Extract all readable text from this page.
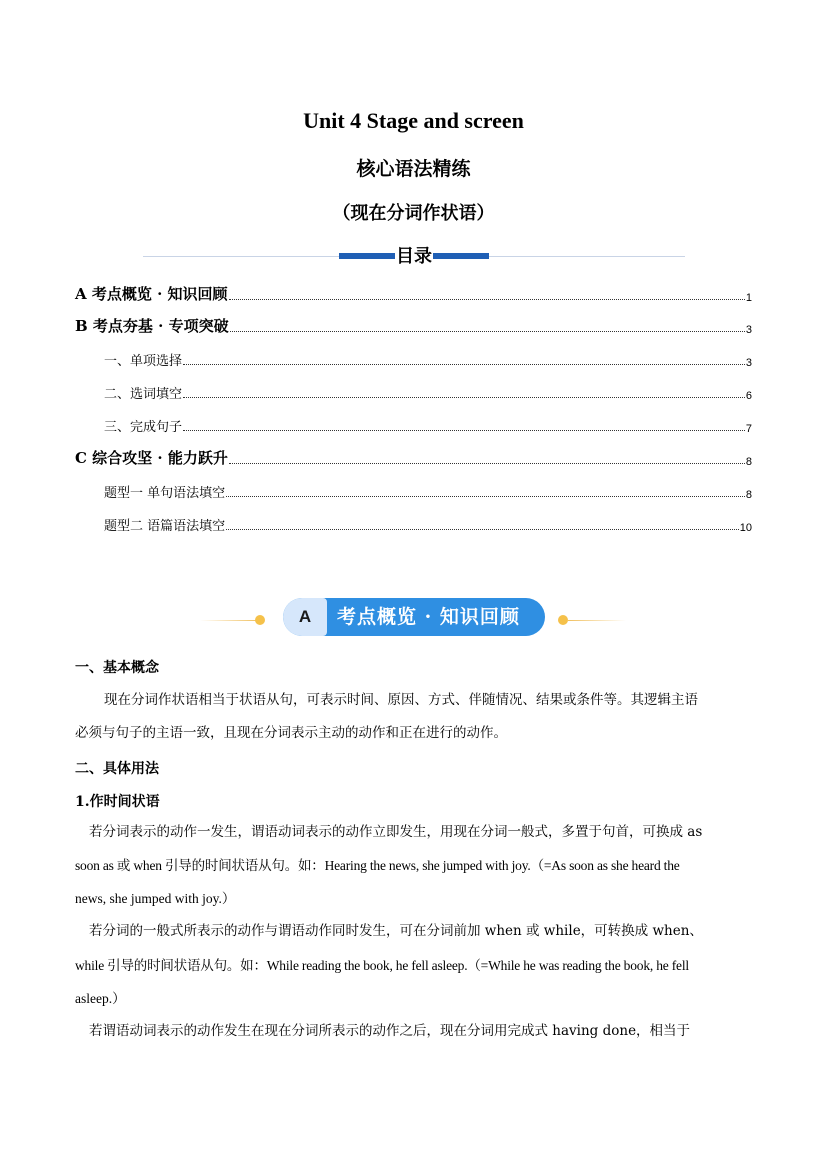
Unit 4 Stage and screen
核心语法精练
（现在分词作状语）
目录
A 考点概览 · 知识回顾	1
B 考点夯基 · 专项突破	3
一、单项选择	3
二、选词填空	6
三、完成句子	7
C 综合攻坚 · 能力跃升	8
题型一 单句语法填空	8
题型二 语篇语法填空	10
A	考点概览 · 知识回顾
一、基本概念
现在分词作状语相当于状语从句，可表示时间、原因、方式、伴随情况、结果或条件等。其逻辑主语
必须与句子的主语一致，且现在分词表示主动的动作和正在进行的动作。
二、具体用法
1.作时间状语
若分词表示的动作一发生，谓语动词表示的动作立即发生，用现在分词一般式，多置于句首，可换成 as
soon as 或 when 引导的时间状语从句。如：Hearing the news, she jumped with joy.（=As soon as she heard the
news, she jumped with joy.）
若分词的一般式所表示的动作与谓语动作同时发生，可在分词前加 when 或 while，可转换成 when、
while 引导的时间状语从句。如：While reading the book, he fell asleep.（=While he was reading the book, he fell
asleep.）
若谓语动词表示的动作发生在现在分词所表示的动作之后，现在分词用完成式 having done，相当于
